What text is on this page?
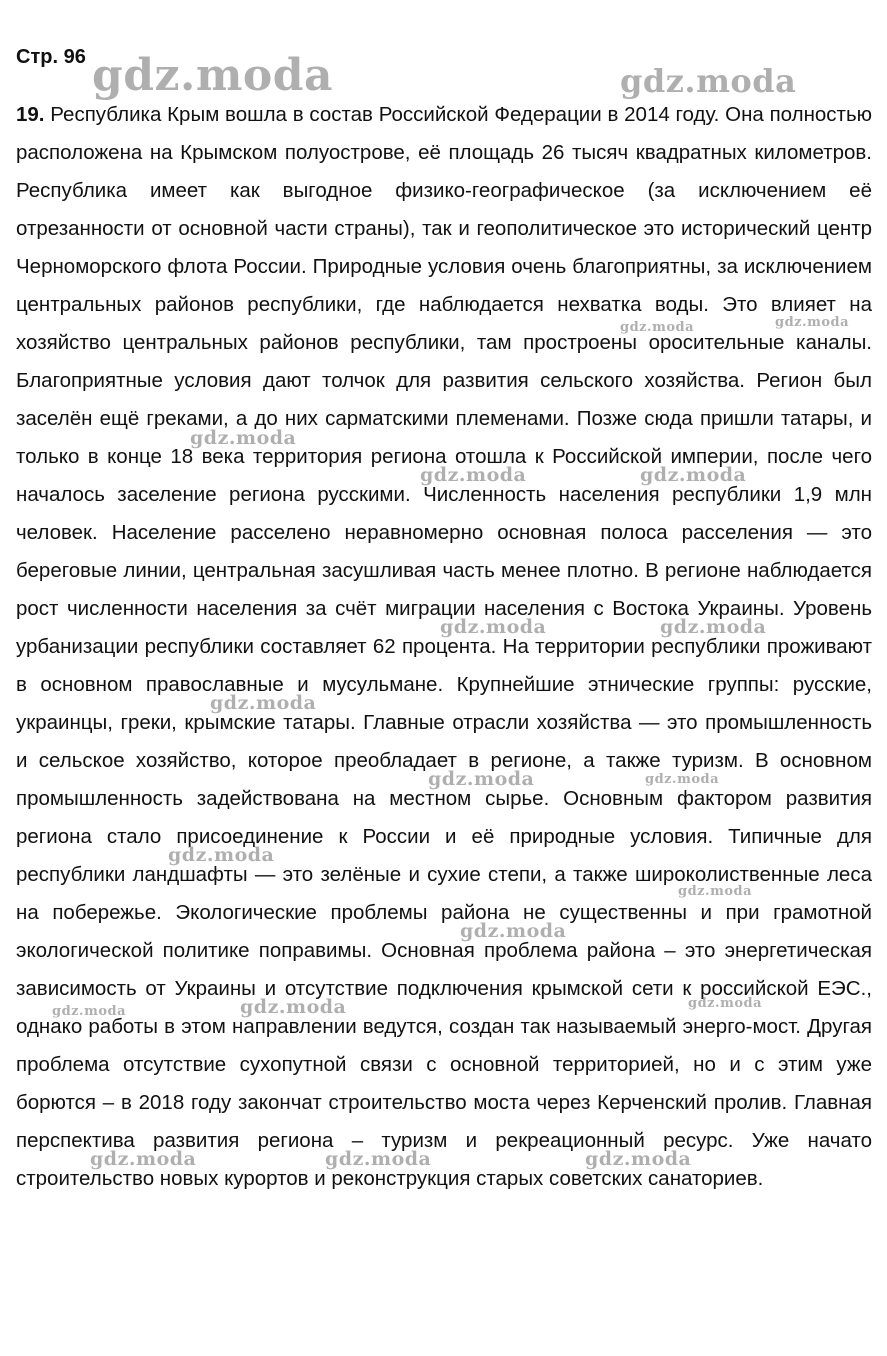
Стр. 96

19. Республика Крым вошла в состав Российской Федерации в 2014 году. Она полностью расположена на Крымском полуострове, её площадь 26 тысяч квадратных километров. Республика имеет как выгодное физико-географическое (за исключением её отрезанности от основной части страны), так и геополитическое это исторический центр Черноморского флота России. Природные условия очень благоприятны, за исключением центральных районов республики, где наблюдается нехватка воды. Это влияет на хозяйство центральных районов республики, там простроены оросительные каналы. Благоприятные условия дают толчок для развития сельского хозяйства. Регион был заселён ещё греками, а до них сарматскими племенами. Позже сюда пришли татары, и только в конце 18 века территория региона отошла к Российской империи, после чего началось заселение региона русскими. Численность населения республики 1,9 млн человек. Население расселено неравномерно основная полоса расселения — это береговые линии, центральная засушливая часть менее плотно. В регионе наблюдается рост численности населения за счёт миграции населения с Востока Украины. Уровень урбанизации республики составляет 62 процента. На территории республики проживают в основном православные и мусульмане. Крупнейшие этнические группы: русские, украинцы, греки, крымские татары. Главные отрасли хозяйства — это промышленность и сельское хозяйство, которое преобладает в регионе, а также туризм. В основном промышленность задействована на местном сырье. Основным фактором развития региона стало присоединение к России и её природные условия. Типичные для республики ландшафты — это зелёные и сухие степи, а также широколиственные леса на побережье. Экологические проблемы района не существенны и при грамотной экологической политике поправимы. Основная проблема района – это энергетическая зависимость от Украины и отсутствие подключения крымской сети к российской ЕЭС., однако работы в этом направлении ведутся, создан так называемый энерго-мост. Другая проблема отсутствие сухопутной связи с основной территорией, но и с этим уже борются – в 2018 году закончат строительство моста через Керченский пролив. Главная перспектива развития региона – туризм и рекреационный ресурс. Уже начато строительство новых курортов и реконструкция старых советских санаториев.

gdz.moda	gdz.moda
gdz.moda	gdz.moda
gdz.moda
gdz.moda	gdz.moda
gdz.moda	gdz.moda
gdz.moda
gdz.moda	gdz.moda
gdz.moda
gdz.moda
gdz.moda
gdz.moda	gdz.moda	gdz.moda
gdz.moda	gdz.moda	gdz.moda
